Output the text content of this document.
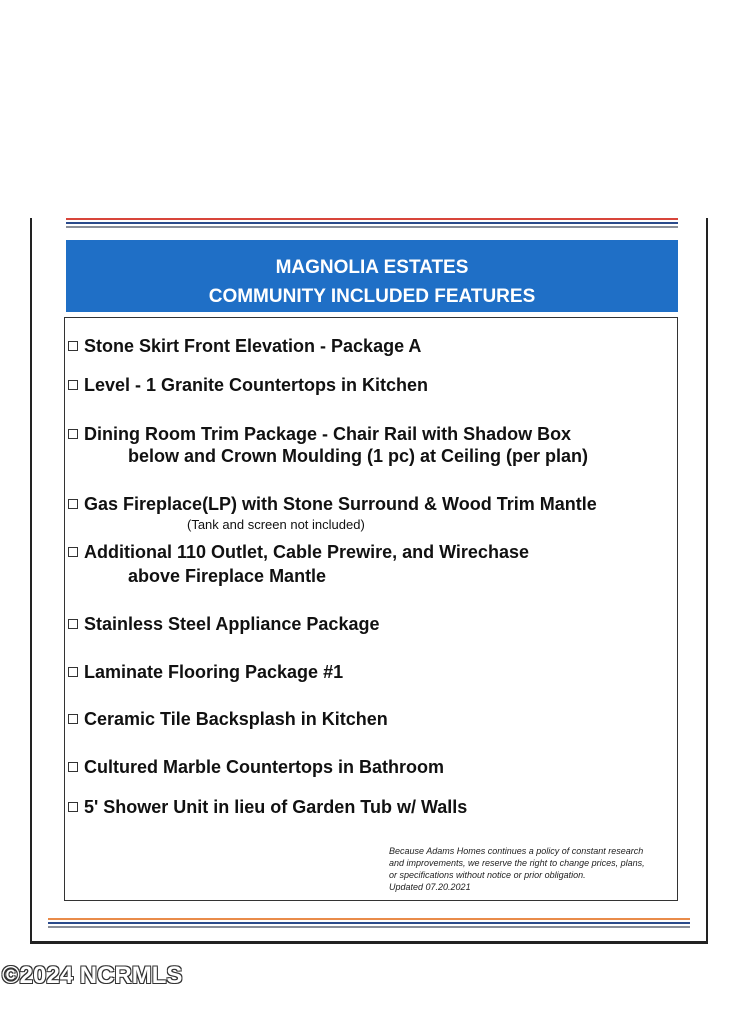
MAGNOLIA ESTATES
COMMUNITY INCLUDED FEATURES
Stone Skirt Front Elevation - Package A
Level - 1 Granite Countertops in Kitchen
Dining Room Trim Package - Chair Rail with Shadow Box
below and Crown Moulding (1 pc) at Ceiling (per plan)
Gas Fireplace(LP) with Stone Surround & Wood Trim Mantle
(Tank and screen not included)
Additional 110 Outlet, Cable Prewire, and Wirechase
above Fireplace Mantle
Stainless Steel Appliance Package
Laminate Flooring Package #1
Ceramic Tile Backsplash in Kitchen
Cultured Marble Countertops in Bathroom
5' Shower Unit in lieu of Garden Tub w/ Walls
Because Adams Homes continues a policy of constant research
and improvements, we reserve the right to change prices, plans,
or specifications without notice or prior obligation.
Updated 07.20.2021
©2024 NCRMLS
